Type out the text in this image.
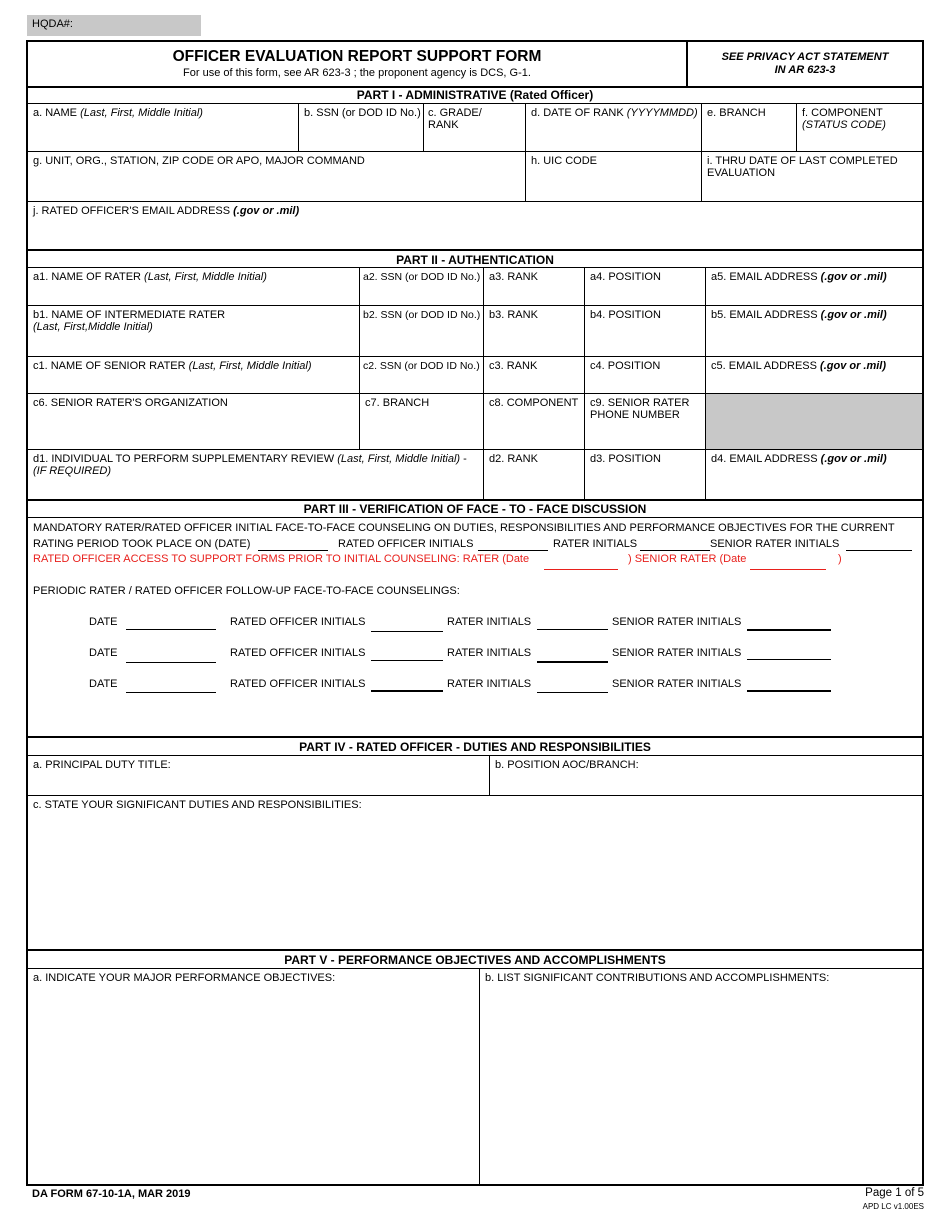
HQDA#:
OFFICER EVALUATION REPORT SUPPORT FORM
For use of this form, see AR 623-3 ; the proponent agency is DCS, G-1.
SEE PRIVACY ACT STATEMENT
IN AR 623-3
PART I - ADMINISTRATIVE (Rated Officer)
a. NAME (Last, First, Middle Initial)	b. SSN (or DOD ID No.) c. GRADE/ RANK
d. DATE OF RANK (YYYYMMDD) e. BRANCH	f. COMPONENT
(STATUS CODE)
g. UNIT, ORG., STATION, ZIP CODE OR APO, MAJOR COMMAND	h. UIC CODE	i. THRU DATE OF LAST COMPLETED EVALUATION
j. RATED OFFICER'S EMAIL ADDRESS (.gov or .mil)
PART II - AUTHENTICATION
a1. NAME OF RATER (Last, First, Middle Initial)	a2. SSN (or DOD ID No.) a3. RANK	a4. POSITION	a5. EMAIL ADDRESS (.gov or .mil)
b1. NAME OF INTERMEDIATE RATER
(Last, First,Middle Initial)
b2. SSN (or DOD ID No.) b3. RANK	b4. POSITION	b5. EMAIL ADDRESS (.gov or .mil)
c1. NAME OF SENIOR RATER (Last, First, Middle Initial)	c2. SSN (or DOD ID No.) c3. RANK	c4. POSITION	c5. EMAIL ADDRESS (.gov or .mil)
c6. SENIOR RATER'S ORGANIZATION	c7. BRANCH	c8. COMPONENT	c9. SENIOR RATER PHONE NUMBER
d1. INDIVIDUAL TO PERFORM SUPPLEMENTARY REVIEW (Last, First, Middle Initial) -
(IF REQUIRED)
d2. RANK	d3. POSITION	d4. EMAIL ADDRESS (.gov or .mil)
PART III - VERIFICATION OF FACE - TO - FACE DISCUSSION
MANDATORY RATER/RATED OFFICER INITIAL FACE-TO-FACE COUNSELING ON DUTIES, RESPONSIBILITIES AND PERFORMANCE OBJECTIVES FOR THE CURRENT
RATING PERIOD TOOK PLACE ON (DATE)	RATED OFFICER INITIALS	RATER INITIALS	SENIOR RATER INITIALS
RATED OFFICER ACCESS TO SUPPORT FORMS PRIOR TO INITIAL COUNSELING: RATER (Date	) SENIOR RATER (Date	)
PERIODIC RATER / RATED OFFICER FOLLOW-UP FACE-TO-FACE COUNSELINGS:
DATE	RATED OFFICER INITIALS	RATER INITIALS	SENIOR RATER INITIALS
DATE	RATED OFFICER INITIALS	RATER INITIALS	SENIOR RATER INITIALS
DATE	RATED OFFICER INITIALS	RATER INITIALS	SENIOR RATER INITIALS
PART IV - RATED OFFICER - DUTIES AND RESPONSIBILITIES
a. PRINCIPAL DUTY TITLE:	b. POSITION AOC/BRANCH:
c. STATE YOUR SIGNIFICANT DUTIES AND RESPONSIBILITIES:
PART V - PERFORMANCE OBJECTIVES AND ACCOMPLISHMENTS
a. INDICATE YOUR MAJOR PERFORMANCE OBJECTIVES:	b. LIST SIGNIFICANT CONTRIBUTIONS AND ACCOMPLISHMENTS:
DA FORM 67-10-1A, MAR 2019	Page 1 of 5
APD LC v1.00ES
